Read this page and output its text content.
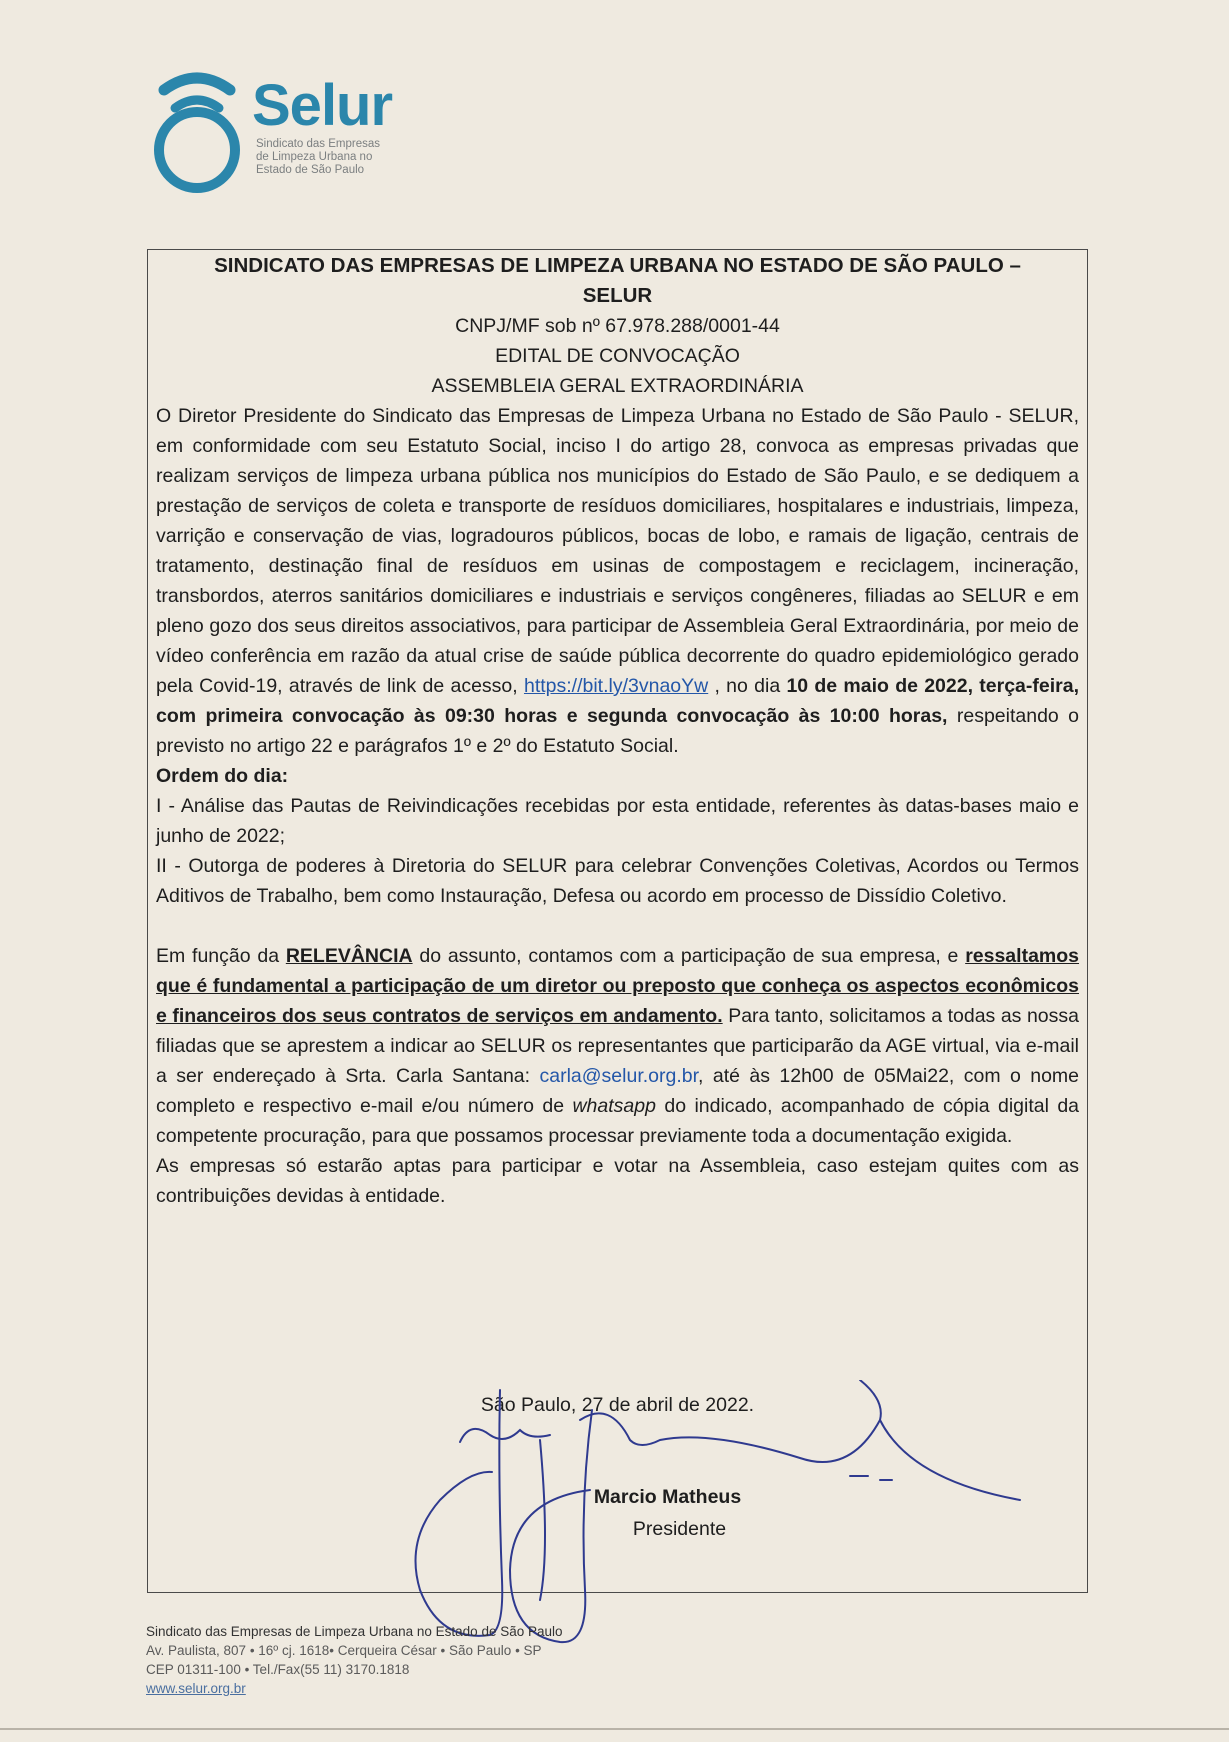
Selur
Sindicato das Empresas
de Limpeza Urbana no
Estado de São Paulo
SINDICATO DAS EMPRESAS DE LIMPEZA URBANA NO ESTADO DE SÃO PAULO –
SELUR
CNPJ/MF sob nº 67.978.288/0001-44
EDITAL DE CONVOCAÇÃO
ASSEMBLEIA GERAL EXTRAORDINÁRIA

O Diretor Presidente do Sindicato das Empresas de Limpeza Urbana no Estado de São Paulo - SELUR, em conformidade com seu Estatuto Social, inciso I do artigo 28, convoca as empresas privadas que realizam serviços de limpeza urbana pública nos municípios do Estado de São Paulo, e se dediquem a prestação de serviços de coleta e transporte de resíduos domiciliares, hospitalares e industriais, limpeza, varrição e conservação de vias, logradouros públicos, bocas de lobo, e ramais de ligação, centrais de tratamento, destinação final de resíduos em usinas de compostagem e reciclagem, incineração, transbordos, aterros sanitários domiciliares e industriais e serviços congêneres, filiadas ao SELUR e em pleno gozo dos seus direitos associativos, para participar de Assembleia Geral Extraordinária, por meio de vídeo conferência em razão da atual crise de saúde pública decorrente do quadro epidemiológico gerado pela Covid-19, através de link de acesso, https://bit.ly/3vnaoYw , no dia 10 de maio de 2022, terça-feira, com primeira convocação às 09:30 horas e segunda convocação às 10:00 horas, respeitando o previsto no artigo 22 e parágrafos 1º e 2º do Estatuto Social.

Ordem do dia:

I - Análise das Pautas de Reivindicações recebidas por esta entidade, referentes às datas-bases maio e junho de 2022;

II - Outorga de poderes à Diretoria do SELUR para celebrar Convenções Coletivas, Acordos ou Termos Aditivos de Trabalho, bem como Instauração, Defesa ou acordo em processo de Dissídio Coletivo.

Em função da RELEVÂNCIA do assunto, contamos com a participação de sua empresa, e ressaltamos que é fundamental a participação de um diretor ou preposto que conheça os aspectos econômicos e financeiros dos seus contratos de serviços em andamento. Para tanto, solicitamos a todas as nossa filiadas que se aprestem a indicar ao SELUR os representantes que participarão da AGE virtual, via e-mail a ser endereçado à Srta. Carla Santana: carla@selur.org.br, até às 12h00 de 05Mai22, com o nome completo e respectivo e-mail e/ou número de whatsapp do indicado, acompanhado de cópia digital da competente procuração, para que possamos processar previamente toda a documentação exigida.

As empresas só estarão aptas para participar e votar na Assembleia, caso estejam quites com as contribuições devidas à entidade.

São Paulo, 27 de abril de 2022.
Marcio Matheus
Presidente
Sindicato das Empresas de Limpeza Urbana no Estado de São Paulo
Av. Paulista, 807 • 16º cj. 1618• Cerqueira César • São Paulo • SP
CEP 01311-100 • Tel./Fax(55 11) 3170.1818
www.selur.org.br
